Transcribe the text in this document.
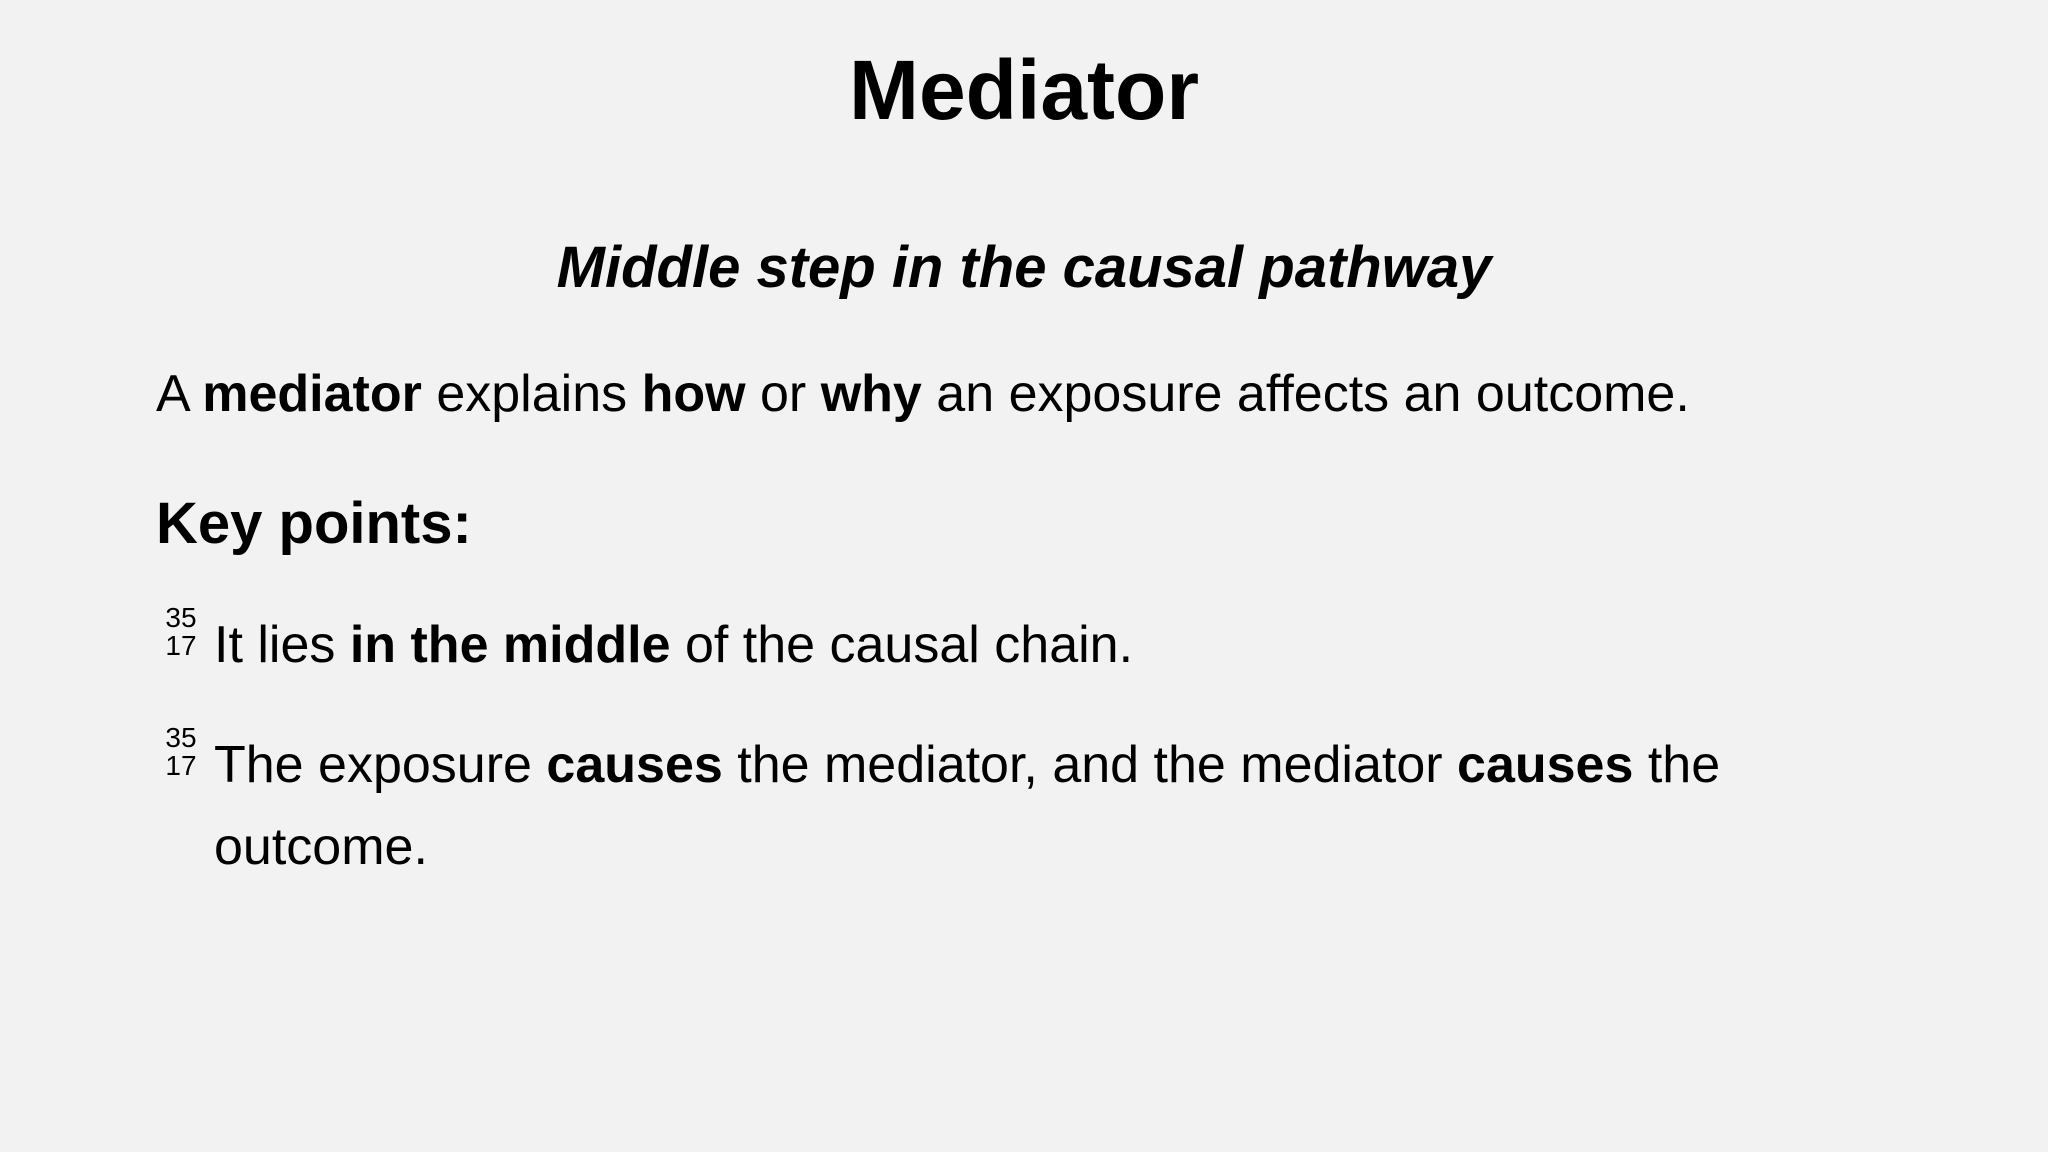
Mediator
Middle step in the causal pathway

A mediator explains how or why an exposure affects an outcome.

Key points:
35
17 It lies in the middle of the causal chain.
35
17 The exposure causes the mediator, and the mediator causes the outcome.
